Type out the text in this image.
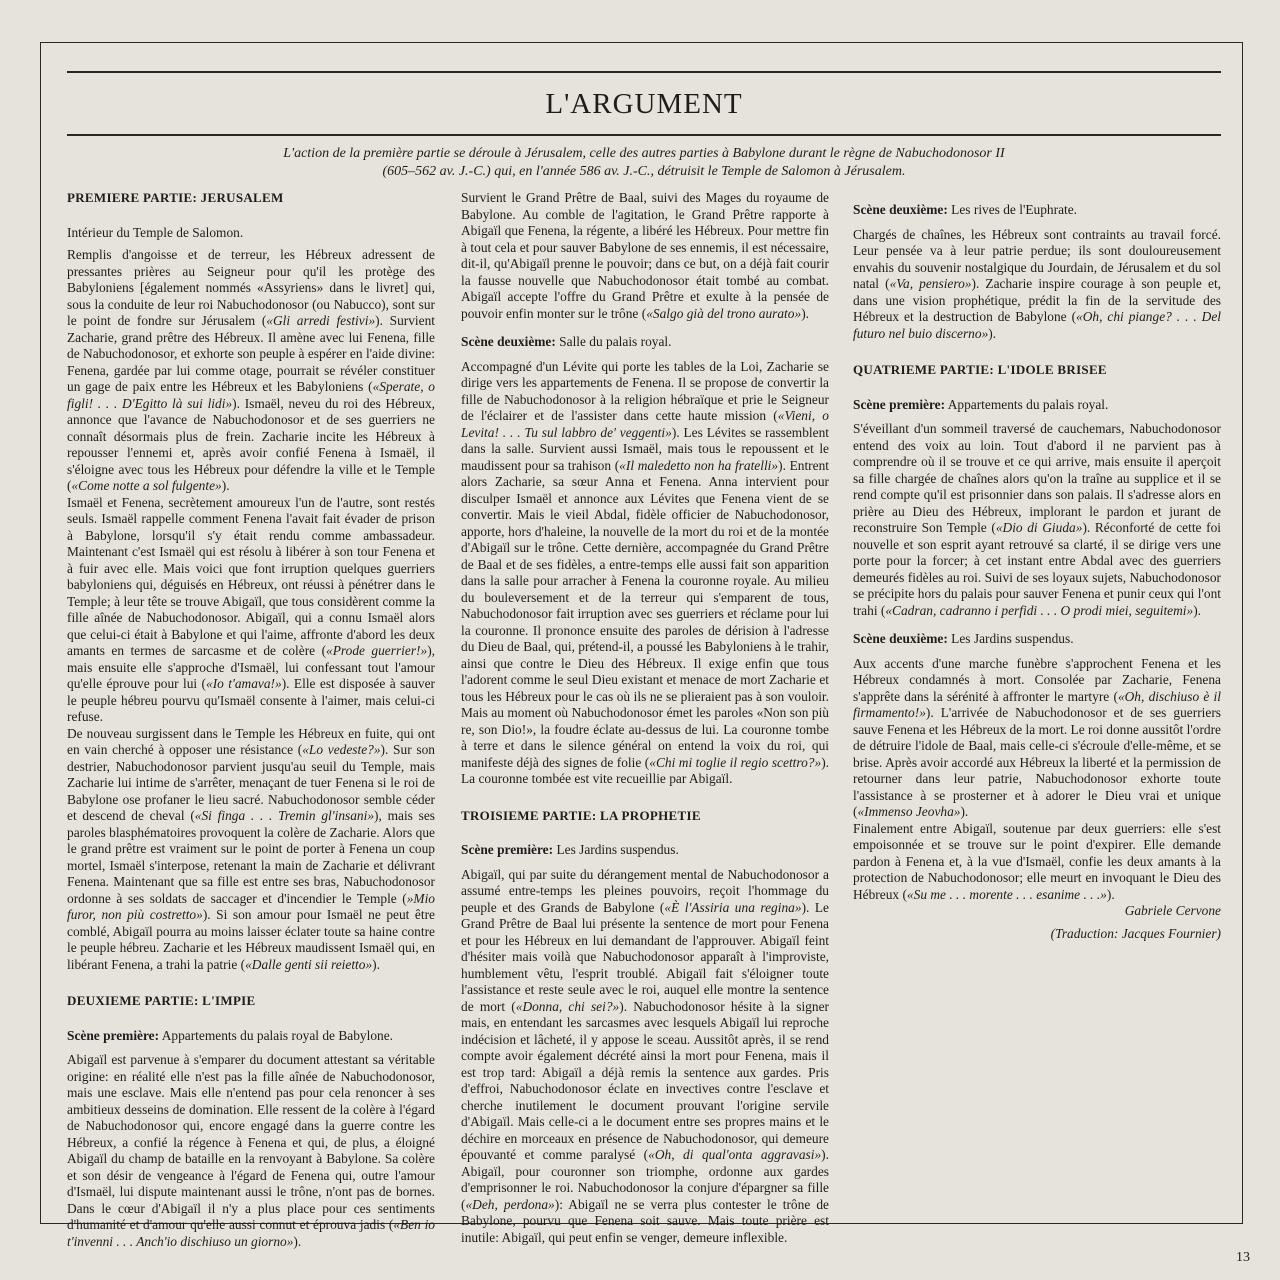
L'ARGUMENT
L'action de la première partie se déroule à Jérusalem, celle des autres parties à Babylone durant le règne de Nabuchodonosor II
(605–562 av. J.-C.) qui, en l'année 586 av. J.-C., détruisit le Temple de Salomon à Jérusalem.
PREMIERE PARTIE: JERUSALEM

Intérieur du Temple de Salomon.

Remplis d'angoisse et de terreur, les Hébreux adressent de pressantes prières au Seigneur pour qu'il les protège des Babyloniens [également nommés «Assyriens» dans le livret] qui, sous la conduite de leur roi Nabuchodonosor (ou Nabucco), sont sur le point de fondre sur Jérusalem («Gli arredi festivi»). Survient Zacharie, grand prêtre des Hébreux. Il amène avec lui Fenena, fille de Nabuchodonosor, et exhorte son peuple à espérer en l'aide divine: Fenena, gardée par lui comme otage, pourrait se révéler constituer un gage de paix entre les Hébreux et les Babyloniens («Sperate, o figli! . . . D'Egitto là sui lidi»). Ismaël, neveu du roi des Hébreux, annonce que l'avance de Nabuchodonosor et de ses guerriers ne connaît désormais plus de frein. Zacharie incite les Hébreux à repousser l'ennemi et, après avoir confié Fenena à Ismaël, il s'éloigne avec tous les Hébreux pour défendre la ville et le Temple («Come notte a sol fulgente»).

Ismaël et Fenena, secrètement amoureux l'un de l'autre, sont restés seuls. Ismaël rappelle comment Fenena l'avait fait évader de prison à Babylone, lorsqu'il s'y était rendu comme ambassadeur. Maintenant c'est Ismaël qui est résolu à libérer à son tour Fenena et à fuir avec elle. Mais voici que font irruption quelques guerriers babyloniens qui, déguisés en Hébreux, ont réussi à pénétrer dans le Temple; à leur tête se trouve Abigaïl, que tous considèrent comme la fille aînée de Nabuchodonosor. Abigaïl, qui a connu Ismaël alors que celui-ci était à Babylone et qui l'aime, affronte d'abord les deux amants en termes de sarcasme et de colère («Prode guerrier!»), mais ensuite elle s'approche d'Ismaël, lui confessant tout l'amour qu'elle éprouve pour lui («Io t'amava!»). Elle est disposée à sauver le peuple hébreu pourvu qu'Ismaël consente à l'aimer, mais celui-ci refuse.

De nouveau surgissent dans le Temple les Hébreux en fuite, qui ont en vain cherché à opposer une résistance («Lo vedeste?»). Sur son destrier, Nabuchodonosor parvient jusqu'au seuil du Temple, mais Zacharie lui intime de s'arrêter, menaçant de tuer Fenena si le roi de Babylone ose profaner le lieu sacré. Nabuchodonosor semble céder et descend de cheval («Si finga . . . Tremin gl'insani»), mais ses paroles blasphématoires provoquent la colère de Zacharie. Alors que le grand prêtre est vraiment sur le point de porter à Fenena un coup mortel, Ismaël s'interpose, retenant la main de Zacharie et délivrant Fenena. Maintenant que sa fille est entre ses bras, Nabuchodonosor ordonne à ses soldats de saccager et d'incendier le Temple (»Mio furor, non più costretto»). Si son amour pour Ismaël ne peut être comblé, Abigaïl pourra au moins laisser éclater toute sa haine contre le peuple hébreu. Zacharie et les Hébreux maudissent Ismaël qui, en libérant Fenena, a trahi la patrie («Dalle genti sii reietto»).

DEUXIEME PARTIE: L'IMPIE

Scène première: Appartements du palais royal de Babylone.

Abigaïl est parvenue à s'emparer du document attestant sa véritable origine: en réalité elle n'est pas la fille aînée de Nabuchodonosor, mais une esclave. Mais elle n'entend pas pour cela renoncer à ses ambitieux desseins de domination. Elle ressent de la colère à l'égard de Nabuchodonosor qui, encore engagé dans la guerre contre les Hébreux, a confié la régence à Fenena et qui, de plus, a éloigné Abigaïl du champ de bataille en la renvoyant à Babylone. Sa colère et son désir de vengeance à l'égard de Fenena qui, outre l'amour d'Ismaël, lui dispute maintenant aussi le trône, n'ont pas de bornes. Dans le cœur d'Abigaïl il n'y a plus place pour ces sentiments d'humanité et d'amour qu'elle aussi connut et éprouva jadis («Ben io t'invenni . . . Anch'io dischiuso un giorno»).

Survient le Grand Prêtre de Baal, suivi des Mages du royaume de Babylone. Au comble de l'agitation, le Grand Prêtre rapporte à Abigaïl que Fenena, la régente, a libéré les Hébreux. Pour mettre fin à tout cela et pour sauver Babylone de ses ennemis, il est nécessaire, dit-il, qu'Abigaïl prenne le pouvoir; dans ce but, on a déjà fait courir la fausse nouvelle que Nabuchodonosor était tombé au combat. Abigaïl accepte l'offre du Grand Prêtre et exulte à la pensée de pouvoir enfin monter sur le trône («Salgo già del trono aurato»).

Scène deuxième: Salle du palais royal.

Accompagné d'un Lévite qui porte les tables de la Loi, Zacharie se dirige vers les appartements de Fenena. Il se propose de convertir la fille de Nabuchodonosor à la religion hébraïque et prie le Seigneur de l'éclairer et de l'assister dans cette haute mission («Vieni, o Levita! . . . Tu sul labbro de' veggenti»). Les Lévites se rassemblent dans la salle. Survient aussi Ismaël, mais tous le repoussent et le maudissent pour sa trahison («Il maledetto non ha fratelli»). Entrent alors Zacharie, sa sœur Anna et Fenena. Anna intervient pour disculper Ismaël et annonce aux Lévites que Fenena vient de se convertir. Mais le vieil Abdal, fidèle officier de Nabuchodonosor, apporte, hors d'haleine, la nouvelle de la mort du roi et de la montée d'Abigaïl sur le trône. Cette dernière, accompagnée du Grand Prêtre de Baal et de ses fidèles, a entre-temps elle aussi fait son apparition dans la salle pour arracher à Fenena la couronne royale. Au milieu du bouleversement et de la terreur qui s'emparent de tous, Nabuchodonosor fait irruption avec ses guerriers et réclame pour lui la couronne. Il prononce ensuite des paroles de dérision à l'adresse du Dieu de Baal, qui, prétend-il, a poussé les Babyloniens à le trahir, ainsi que contre le Dieu des Hébreux. Il exige enfin que tous l'adorent comme le seul Dieu existant et menace de mort Zacharie et tous les Hébreux pour le cas où ils ne se plieraient pas à son vouloir. Mais au moment où Nabuchodonosor émet les paroles «Non son più re, son Dio!», la foudre éclate au-dessus de lui. La couronne tombe à terre et dans le silence général on entend la voix du roi, qui manifeste déjà des signes de folie («Chi mi toglie il regio scettro?»). La couronne tombée est vite recueillie par Abigaïl.

TROISIEME PARTIE: LA PROPHETIE

Scène première: Les Jardins suspendus.

Abigaïl, qui par suite du dérangement mental de Nabuchodonosor a assumé entre-temps les pleines pouvoirs, reçoit l'hommage du peuple et des Grands de Babylone («È l'Assiria una regina»). Le Grand Prêtre de Baal lui présente la sentence de mort pour Fenena et pour les Hébreux en lui demandant de l'approuver. Abigaïl feint d'hésiter mais voilà que Nabuchodonosor apparaît à l'improviste, humblement vêtu, l'esprit troublé. Abigaïl fait s'éloigner toute l'assistance et reste seule avec le roi, auquel elle montre la sentence de mort («Donna, chi sei?»). Nabuchodonosor hésite à la signer mais, en entendant les sarcasmes avec lesquels Abigaïl lui reproche indécision et lâcheté, il y appose le sceau. Aussitôt après, il se rend compte avoir également décrété ainsi la mort pour Fenena, mais il est trop tard: Abigaïl a déjà remis la sentence aux gardes. Pris d'effroi, Nabuchodonosor éclate en invectives contre l'esclave et cherche inutilement le document prouvant l'origine servile d'Abigaïl. Mais celle-ci a le document entre ses propres mains et le déchire en morceaux en présence de Nabuchodonosor, qui demeure épouvanté et comme paralysé («Oh, di qual'onta aggravasi»). Abigaïl, pour couronner son triomphe, ordonne aux gardes d'emprisonner le roi. Nabuchodonosor la conjure d'épargner sa fille («Deh, perdona»): Abigaïl ne se verra plus contester le trône de Babylone, pourvu que Fenena soit sauve. Mais toute prière est inutile: Abigaïl, qui peut enfin se venger, demeure inflexible.

Scène deuxième: Les rives de l'Euphrate.

Chargés de chaînes, les Hébreux sont contraints au travail forcé. Leur pensée va à leur patrie perdue; ils sont douloureusement envahis du souvenir nostalgique du Jourdain, de Jérusalem et du sol natal («Va, pensiero»). Zacharie inspire courage à son peuple et, dans une vision prophétique, prédit la fin de la servitude des Hébreux et la destruction de Babylone («Oh, chi piange? . . . Del futuro nel buio discerno»).

QUATRIEME PARTIE: L'IDOLE BRISEE

Scène première: Appartements du palais royal.

S'éveillant d'un sommeil traversé de cauchemars, Nabuchodonosor entend des voix au loin. Tout d'abord il ne parvient pas à comprendre où il se trouve et ce qui arrive, mais ensuite il aperçoit sa fille chargée de chaînes alors qu'on la traîne au supplice et il se rend compte qu'il est prisonnier dans son palais. Il s'adresse alors en prière au Dieu des Hébreux, implorant le pardon et jurant de reconstruire Son Temple («Dio di Giuda»). Réconforté de cette foi nouvelle et son esprit ayant retrouvé sa clarté, il se dirige vers une porte pour la forcer; à cet instant entre Abdal avec des guerriers demeurés fidèles au roi. Suivi de ses loyaux sujets, Nabuchodonosor se précipite hors du palais pour sauver Fenena et punir ceux qui l'ont trahi («Cadran, cadranno i perfidi . . . O prodi miei, seguitemi»).

Scène deuxième: Les Jardins suspendus.

Aux accents d'une marche funèbre s'approchent Fenena et les Hébreux condamnés à mort. Consolée par Zacharie, Fenena s'apprête dans la sérénité à affronter le martyre («Oh, dischiuso è il firmamento!»). L'arrivée de Nabuchodonosor et de ses guerriers sauve Fenena et les Hébreux de la mort. Le roi donne aussitôt l'ordre de détruire l'idole de Baal, mais celle-ci s'écroule d'elle-même, et se brise. Après avoir accordé aux Hébreux la liberté et la permission de retourner dans leur patrie, Nabuchodonosor exhorte toute l'assistance à se prosterner et à adorer le Dieu vrai et unique («Immenso Jeovha»).

Finalement entre Abigaïl, soutenue par deux guerriers: elle s'est empoisonnée et se trouve sur le point d'expirer. Elle demande pardon à Fenena et, à la vue d'Ismaël, confie les deux amants à la protection de Nabuchodonosor; elle meurt en invoquant le Dieu des Hébreux («Su me . . . morente . . . esanime . . .»).

Gabriele Cervone

(Traduction: Jacques Fournier)

13
